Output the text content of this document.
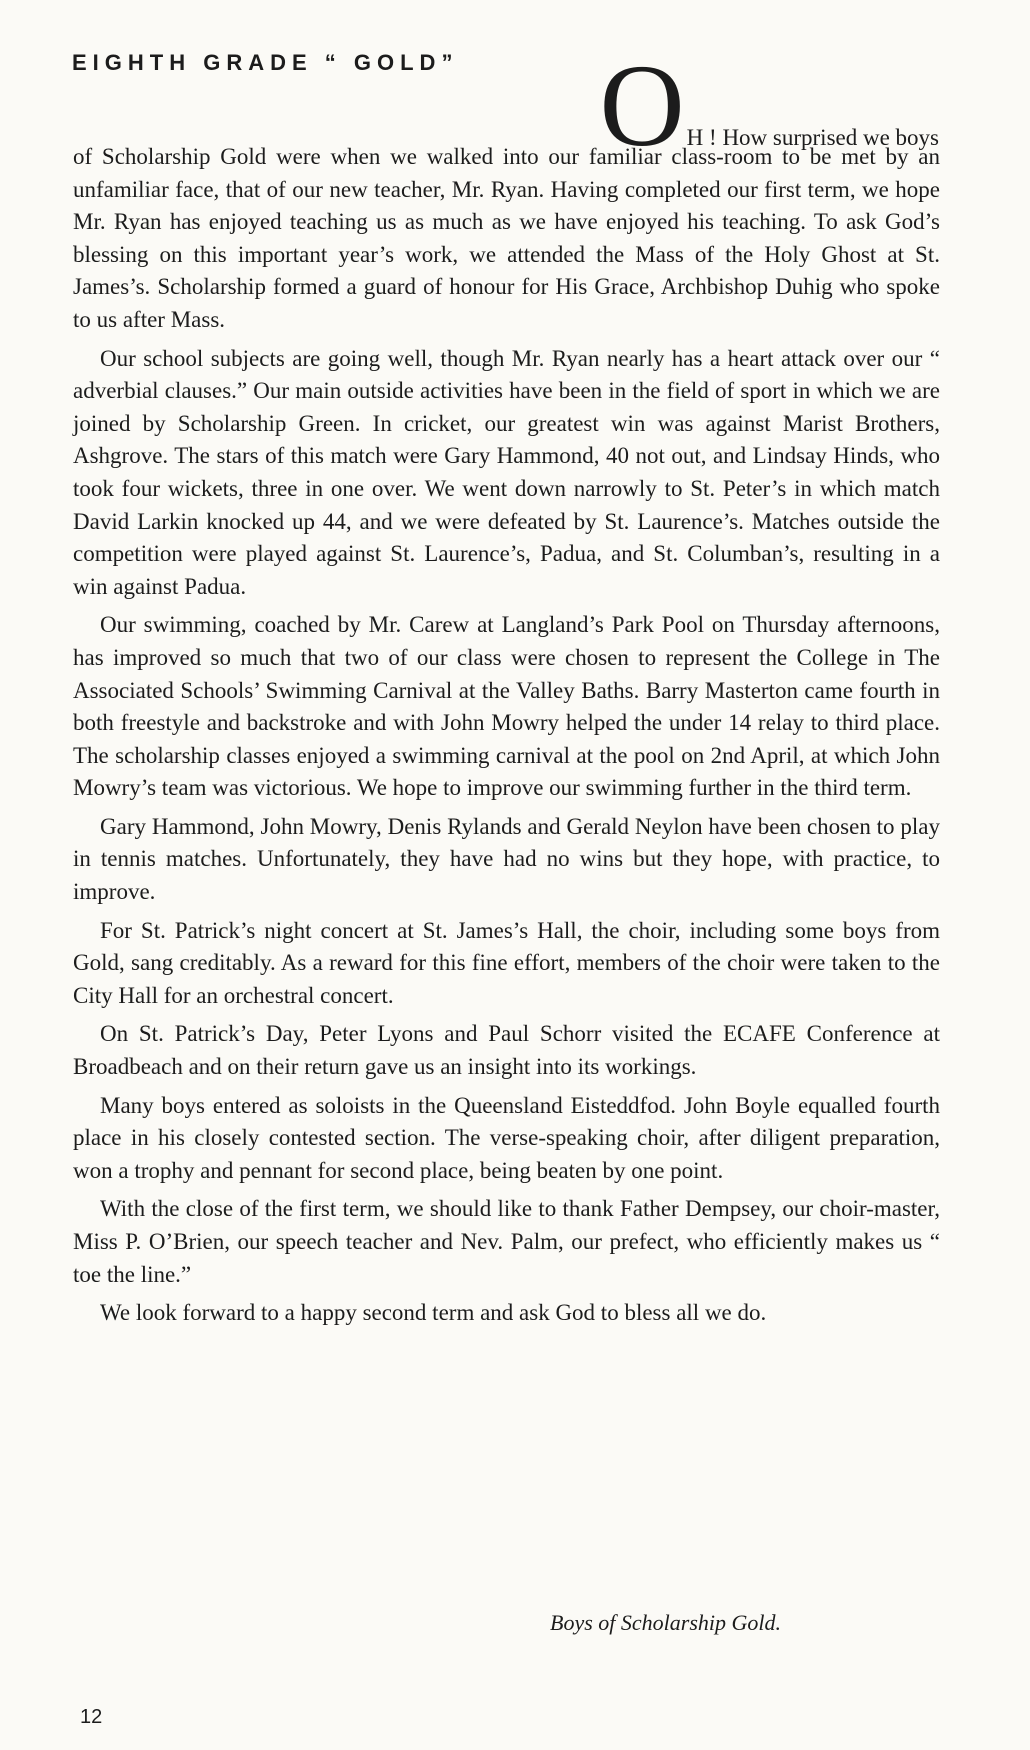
EIGHTH GRADE “ GOLD”	OH ! How surprised we boys

of Scholarship Gold were when we walked into our familiar class-room to be met by an unfamiliar face, that of our new teacher, Mr. Ryan. Having completed our first term, we hope Mr. Ryan has enjoyed teaching us as much as we have enjoyed his teaching. To ask God’s blessing on this important year’s work, we attended the Mass of the Holy Ghost at St. James’s. Scholarship formed a guard of honour for His Grace, Archbishop Duhig who spoke to us after Mass.

Our school subjects are going well, though Mr. Ryan nearly has a heart attack over our “ adverbial clauses.” Our main outside activities have been in the field of sport in which we are joined by Scholarship Green. In cricket, our greatest win was against Marist Brothers, Ashgrove. The stars of this match were Gary Hammond, 40 not out, and Lindsay Hinds, who took four wickets, three in one over. We went down narrowly to St. Peter’s in which match David Larkin knocked up 44, and we were defeated by St. Laurence’s. Matches outside the competition were played against St. Laurence’s, Padua, and St. Columban’s, resulting in a win against Padua.

Our swimming, coached by Mr. Carew at Langland’s Park Pool on Thursday afternoons, has improved so much that two of our class were chosen to represent the College in The Associated Schools’ Swimming Carnival at the Valley Baths. Barry Masterton came fourth in both freestyle and backstroke and with John Mowry helped the under 14 relay to third place. The scholarship classes enjoyed a swimming carnival at the pool on 2nd April, at which John Mowry’s team was victorious. We hope to improve our swimming further in the third term.

Gary Hammond, John Mowry, Denis Rylands and Gerald Neylon have been chosen to play in tennis matches. Unfortunately, they have had no wins but they hope, with practice, to improve.

For St. Patrick’s night concert at St. James’s Hall, the choir, including some boys from Gold, sang creditably. As a reward for this fine effort, members of the choir were taken to the City Hall for an orchestral concert.

On St. Patrick’s Day, Peter Lyons and Paul Schorr visited the ECAFE Conference at Broadbeach and on their return gave us an insight into its workings.

Many boys entered as soloists in the Queensland Eisteddfod. John Boyle equalled fourth place in his closely contested section. The verse-speaking choir, after diligent preparation, won a trophy and pennant for second place, being beaten by one point.

With the close of the first term, we should like to thank Father Dempsey, our choir-master, Miss P. O’Brien, our speech teacher and Nev. Palm, our prefect, who efficiently makes us “ toe the line.”

We look forward to a happy second term and ask God to bless all we do.

Boys of Scholarship Gold.
12
